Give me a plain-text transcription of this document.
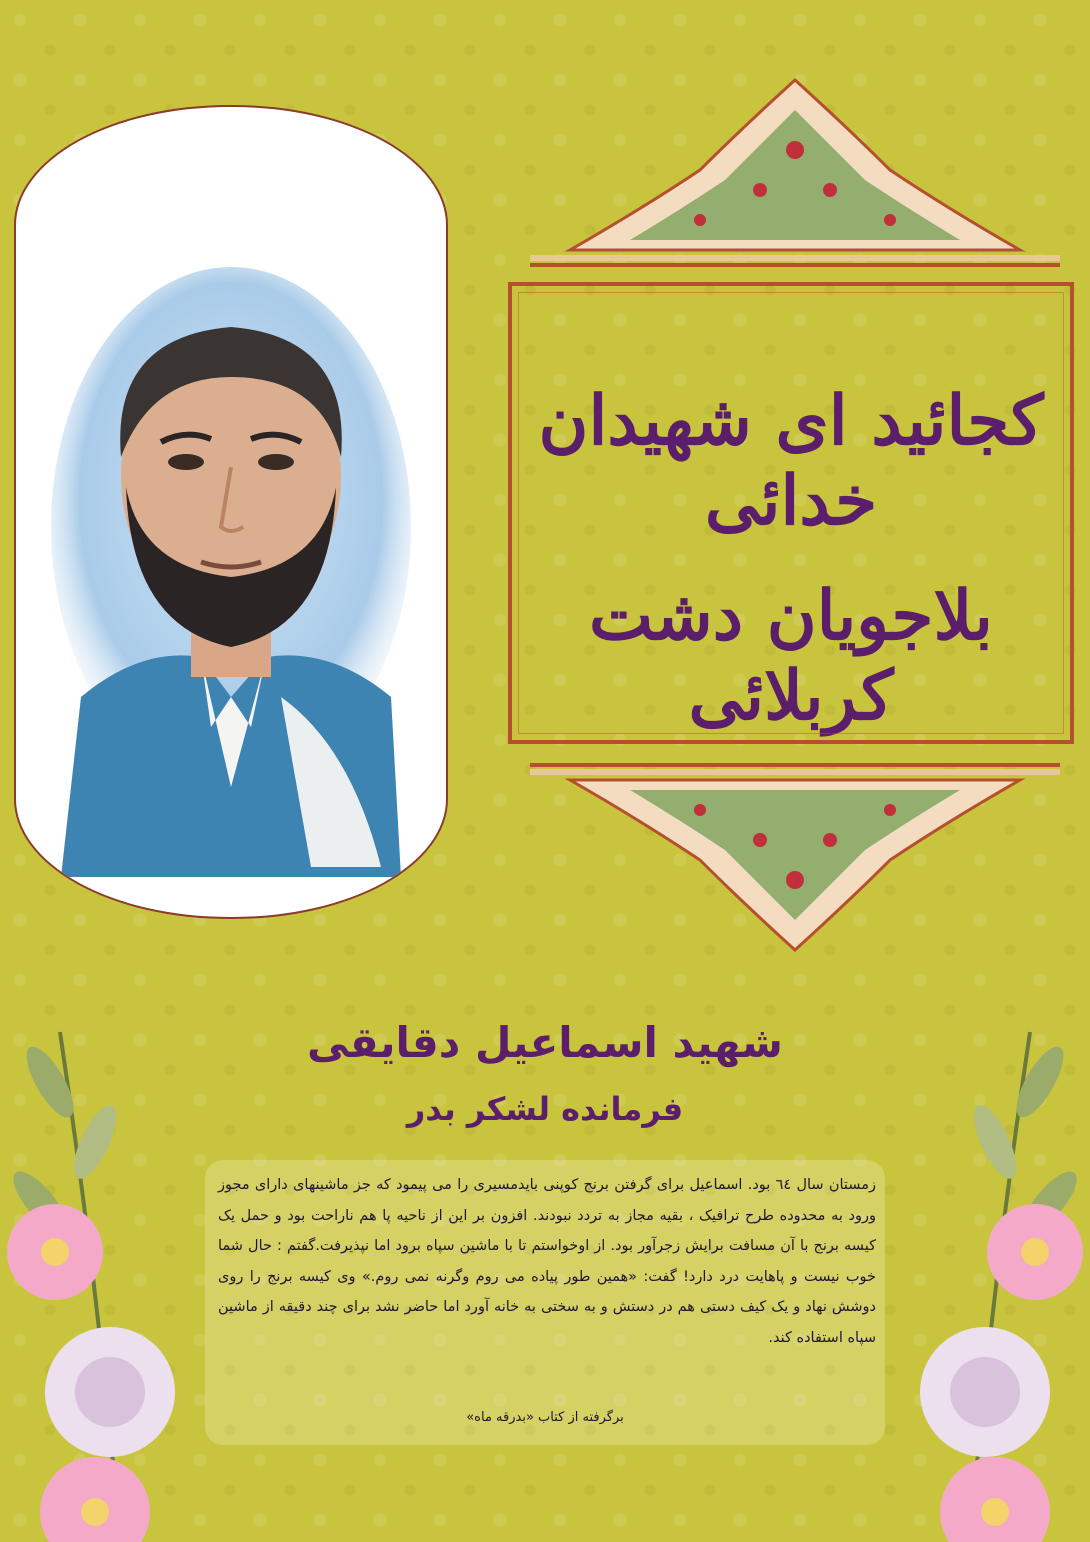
کجائید ای شهیدان خدائی
بلاجویان دشت کربلائی
شهید اسماعیل دقایقی
فرمانده لشکر بدر
زمستان سال ٦٤ بود. اسماعیل برای گرفتن برنج کوپنی بایدمسیری را می پیمود که جز ماشینهای دارای مجوز ورود به محدوده طرح ترافیک ، بقیه مجاز به تردد نبودند. افزون بر این از ناحیه پا هم ناراحت بود و حمل یک کیسه برنج با آن مسافت برایش زجرآور بود. از اوخواستم تا با ماشین سپاه برود اما نپذیرفت.گفتم : حال شما خوب نیست و پاهایت درد دارد! گفت: «همین طور پیاده می روم وگرنه نمی روم.» وی کیسه برنج را روی دوشش نهاد و یک کیف دستی هم در دستش و به سختی به خانه آورد اما حاضر نشد برای چند دقیقه از ماشین سپاه استفاده کند.
برگرفته از کتاب «بدرقه ماه»
